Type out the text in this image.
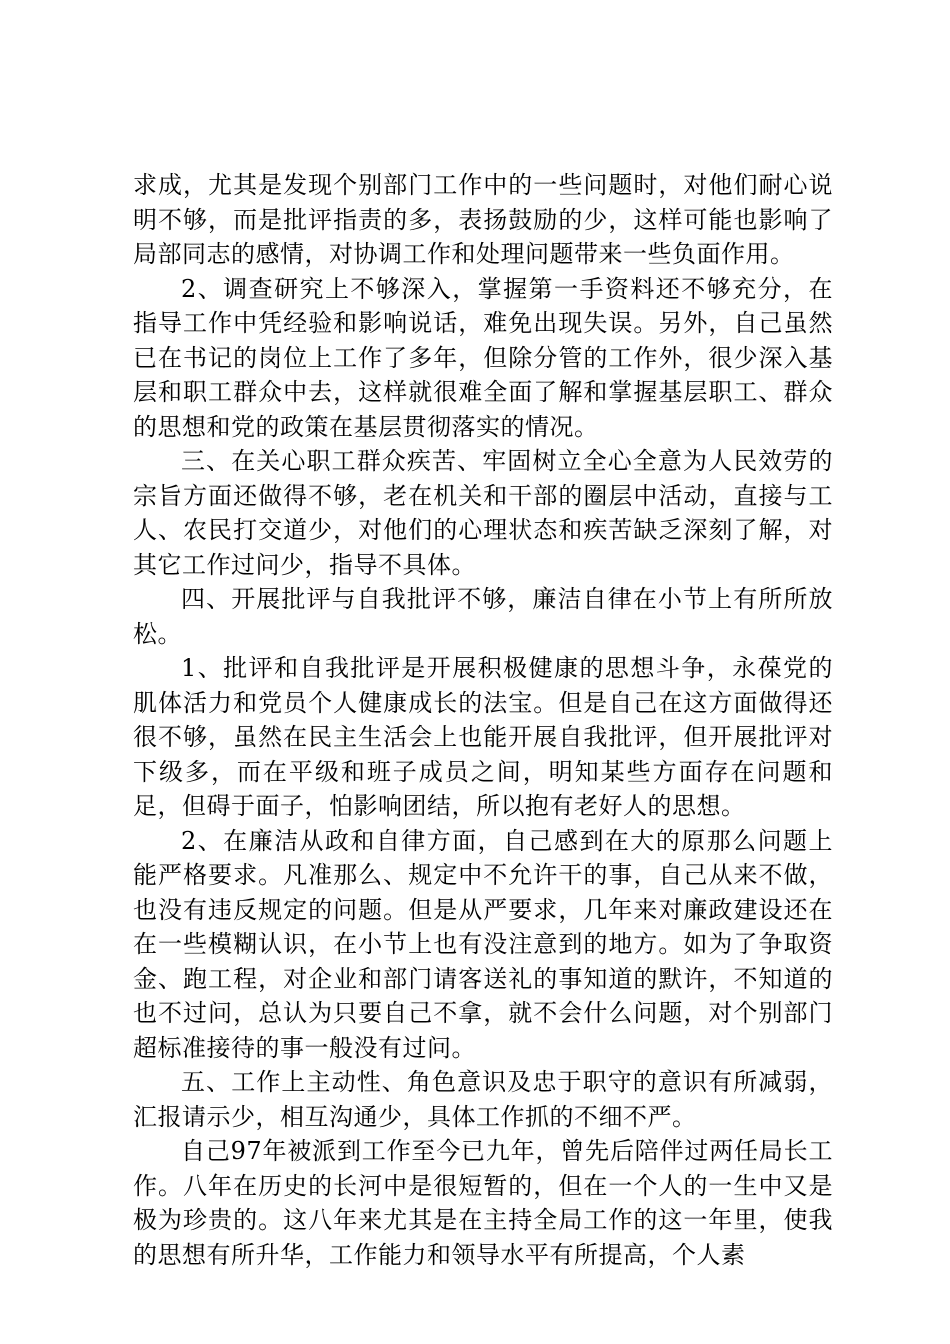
求成，尤其是发现个别部门工作中的一些问题时，对他们耐心说明不够，而是批评指责的多，表扬鼓励的少，这样可能也影响了局部同志的感情，对协调工作和处理问题带来一些负面作用。

2、调查研究上不够深入，掌握第一手资料还不够充分，在指导工作中凭经验和影响说话，难免出现失误。另外，自己虽然已在书记的岗位上工作了多年，但除分管的工作外，很少深入基层和职工群众中去，这样就很难全面了解和掌握基层职工、群众的思想和党的政策在基层贯彻落实的情况。

三、在关心职工群众疾苦、牢固树立全心全意为人民效劳的宗旨方面还做得不够，老在机关和干部的圈层中活动，直接与工人、农民打交道少，对他们的心理状态和疾苦缺乏深刻了解，对其它工作过问少，指导不具体。

四、开展批评与自我批评不够，廉洁自律在小节上有所所放松。

1、批评和自我批评是开展积极健康的思想斗争，永葆党的肌体活力和党员个人健康成长的法宝。但是自己在这方面做得还很不够，虽然在民主生活会上也能开展自我批评，但开展批评对下级多，而在平级和班子成员之间，明知某些方面存在问题和足，但碍于面子，怕影响团结，所以抱有老好人的思想。

2、在廉洁从政和自律方面，自己感到在大的原那么问题上能严格要求。凡准那么、规定中不允许干的事，自己从来不做，也没有违反规定的问题。但是从严要求，几年来对廉政建设还在在一些模糊认识，在小节上也有没注意到的地方。如为了争取资金、跑工程，对企业和部门请客送礼的事知道的默许，不知道的也不过问，总认为只要自己不拿，就不会什么问题，对个别部门超标准接待的事一般没有过问。

五、工作上主动性、角色意识及忠于职守的意识有所减弱，汇报请示少，相互沟通少，具体工作抓的不细不严。

自己97年被派到工作至今已九年，曾先后陪伴过两任局长工作。八年在历史的长河中是很短暂的，但在一个人的一生中又是极为珍贵的。这八年来尤其是在主持全局工作的这一年里，使我的思想有所升华，工作能力和领导水平有所提高，个人素
